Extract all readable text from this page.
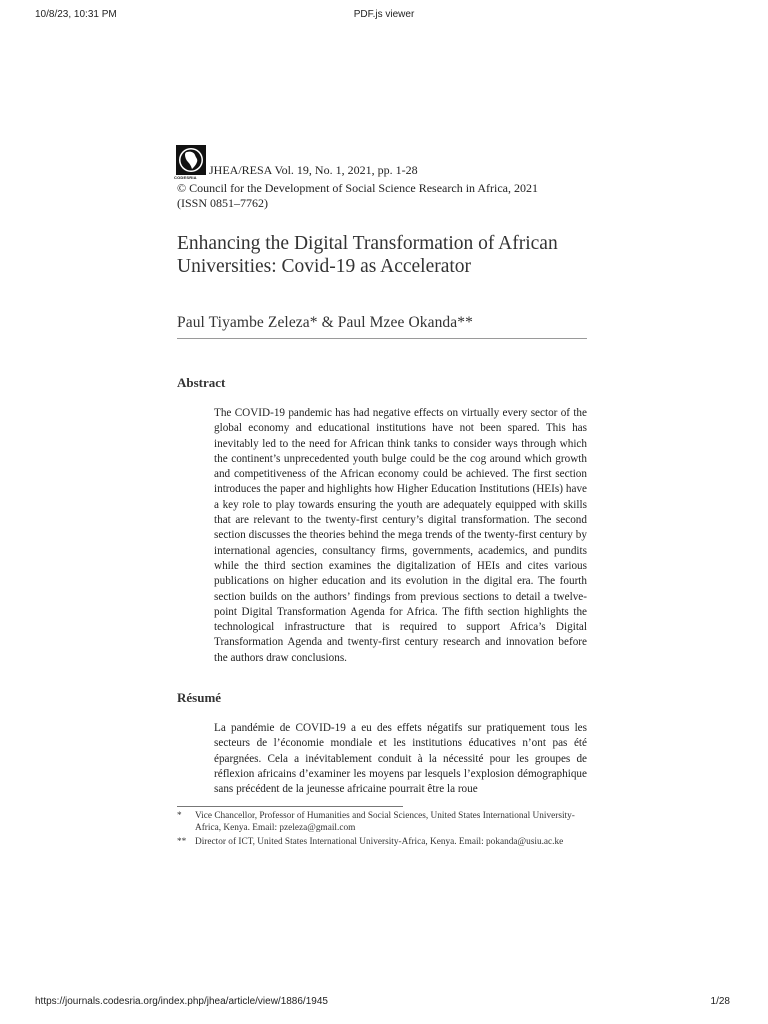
10/8/23, 10:31 PM	PDF.js viewer
CODESRIA
JHEA/RESA Vol. 19, No. 1, 2021, pp. 1-28
© Council for the Development of Social Science Research in Africa, 2021
(ISSN 0851–7762)
Enhancing the Digital Transformation of African
Universities: Covid-19 as Accelerator
Paul Tiyambe Zeleza* & Paul Mzee Okanda**
Abstract
The COVID-19 pandemic has had negative effects on virtually every sector of the global economy and educational institutions have not been spared. This has inevitably led to the need for African think tanks to consider ways through which the continent’s unprecedented youth bulge could be the cog around which growth and competitiveness of the African economy could be achieved. The first section introduces the paper and highlights how Higher Education Institutions (HEIs) have a key role to play towards ensuring the youth are adequately equipped with skills that are relevant to the twenty-first century’s digital transformation. The second section discusses the theories behind the mega trends of the twenty-first century by international agencies, consultancy firms, governments, academics, and pundits while the third section examines the digitalization of HEIs and cites various publications on higher education and its evolution in the digital era. The fourth section builds on the authors’ findings from previous sections to detail a twelve-point Digital Transformation Agenda for Africa. The fifth section highlights the technological infrastructure that is required to support Africa’s Digital Transformation Agenda and twenty-first century research and innovation before the authors draw conclusions.
Résumé
La pandémie de COVID-19 a eu des effets négatifs sur pratiquement tous les secteurs de l’économie mondiale et les institutions éducatives n’ont pas été épargnées. Cela a inévitablement conduit à la nécessité pour les groupes de réflexion africains d’examiner les moyens par lesquels l’explosion démographique sans précédent de la jeunesse africaine pourrait être la roue
*	Vice Chancellor, Professor of Humanities and Social Sciences, United States International University-Africa, Kenya. Email: pzeleza@gmail.com
** Director of ICT, United States International University-Africa, Kenya. Email: pokanda@usiu.ac.ke
https://journals.codesria.org/index.php/jhea/article/view/1886/1945	1/28
